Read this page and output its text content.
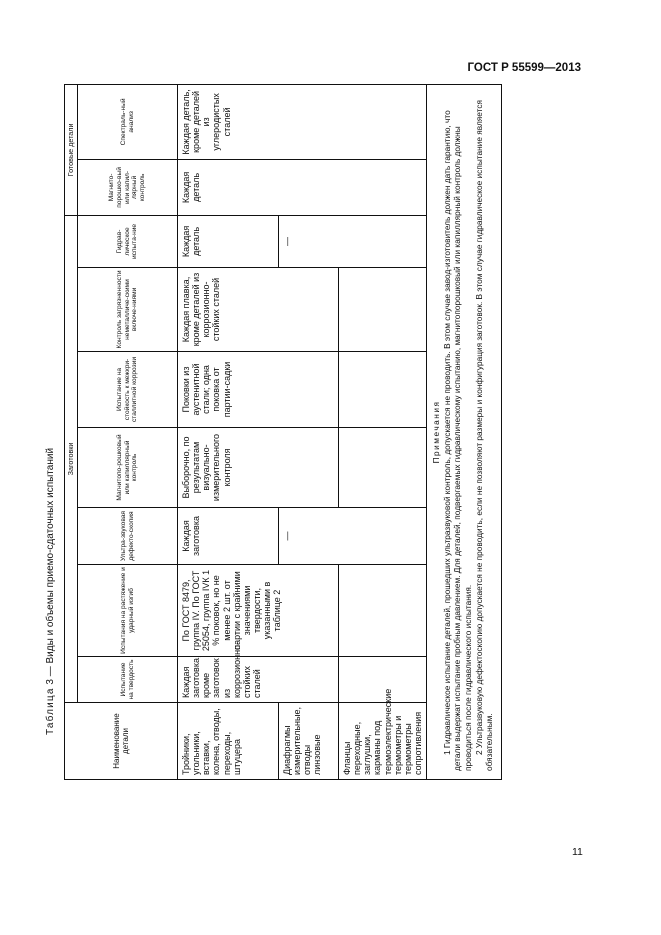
ГОСТ Р 55599—2013
Таблица 3 — Виды и объемы приемо-сдаточных испытаний
Наименование детали	Заготовки							Готовые детали	
	Испытание на твердость	Испытания на растяжение и ударный изгиб	Ультра-звуковая дефекто-скопия	Магнитопо-рошковый или капиллярный контроль	Испытание на стойкость к межкри-сталлитной коррозии	Контроль загрязненности неметалличе-скими включе-ниями	Гидрав-лическое испыта-ние	Магнито-порошко-вый или капил-лярный контроль	Спектраль-ный анализ
Тройники, угольники, вставки, колена, отводы, переходы, штуцера	Каждая заготовка, кроме заготовок из коррозионно-стойких сталей	По ГОСТ 8479, группа IV. По ГОСТ 25054, группа IVК 1 % поковок, но не менее 2 шт. от партии с крайними значениями твердости, указанными в таблице 2	Каждая заготовка	Выборочно, по результатам визуально-измерительного контроля	Поковки из аустенитной стали; одна поковка от партии-садки	Каждая плавка, кроме деталей из коррозионно-стойких сталей	Каждая деталь	Каждая деталь	Каждая деталь, кроме деталей из углеродистых сталей
Диафрагмы измерительные, отводы линзовые			—				—		
Фланцы переходные, заглушки, карманы под термоэлектрические термометры и термометры сопротивления									

Примечания 1 Гидравлическое испытание деталей, прошедших ультразвуковой контроль, допускается не проводить. В этом случае завод-изготовитель должен дать гарантию, что детали выдержат испытание пробным давлением. Для деталей, подвергаемых гидравлическому испытанию, магнитопорошковый или капиллярный контроль должны проводиться после гидравлического испытания. 2 Ультразвуковую дефектоскопию допускается не проводить, если не позволяют размеры и конфигурация заготовок. В этом случае гидравлическое испытание является обязательным.									
11
